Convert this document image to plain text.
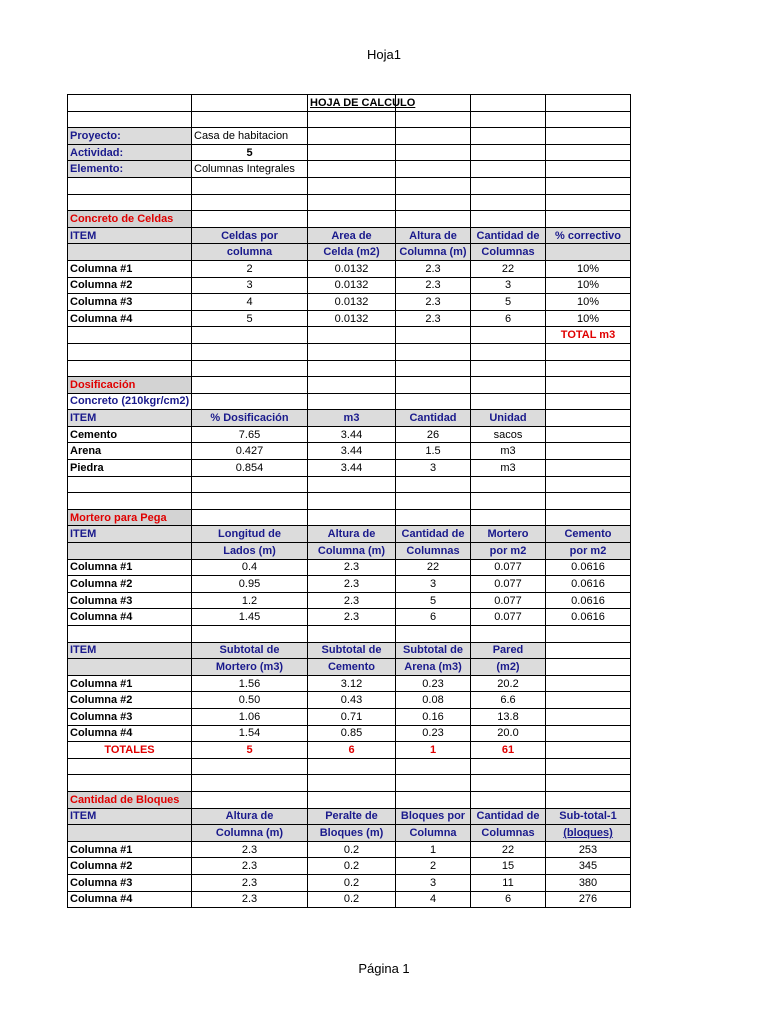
Hoja1
		HOJA DE CALCULO			

Proyecto:	Casa de habitacion				
Actividad:	5				
Elemento:	Columnas Integrales				

Concreto de Celdas					
ITEM	Celdas por	Area de	Altura de	Cantidad de	% correctivo
	columna	Celda (m2)	Columna (m)	Columnas	
Columna #1	2	0.0132	2.3	22	10%
Columna #2	3	0.0132	2.3	3	10%
Columna #3	4	0.0132	2.3	5	10%
Columna #4	5	0.0132	2.3	6	10%
					TOTAL m3

Dosificación					
Concreto (210kgr/cm2)					
ITEM	% Dosificación	m3	Cantidad	Unidad	
Cemento	7.65	3.44	26	sacos	
Arena	0.427	3.44	1.5	m3	
Piedra	0.854	3.44	3	m3	

Mortero para Pega					
ITEM	Longitud de	Altura de	Cantidad de	Mortero	Cemento
	Lados (m)	Columna (m)	Columnas	por m2	por m2
Columna #1	0.4	2.3	22	0.077	0.0616
Columna #2	0.95	2.3	3	0.077	0.0616
Columna #3	1.2	2.3	5	0.077	0.0616
Columna #4	1.45	2.3	6	0.077	0.0616

ITEM	Subtotal de	Subtotal de	Subtotal de	Pared	
	Mortero (m3)	Cemento	Arena (m3)	(m2)	
Columna #1	1.56	3.12	0.23	20.2	
Columna #2	0.50	0.43	0.08	6.6	
Columna #3	1.06	0.71	0.16	13.8	
Columna #4	1.54	0.85	0.23	20.0	
TOTALES	5	6	1	61	

Cantidad de Bloques					
ITEM	Altura de	Peralte de	Bloques por	Cantidad de	Sub-total-1
	Columna (m)	Bloques (m)	Columna	Columnas	(bloques)
Columna #1	2.3	0.2	1	22	253
Columna #2	2.3	0.2	2	15	345
Columna #3	2.3	0.2	3	11	380
Columna #4	2.3	0.2	4	6	276
Página 1
